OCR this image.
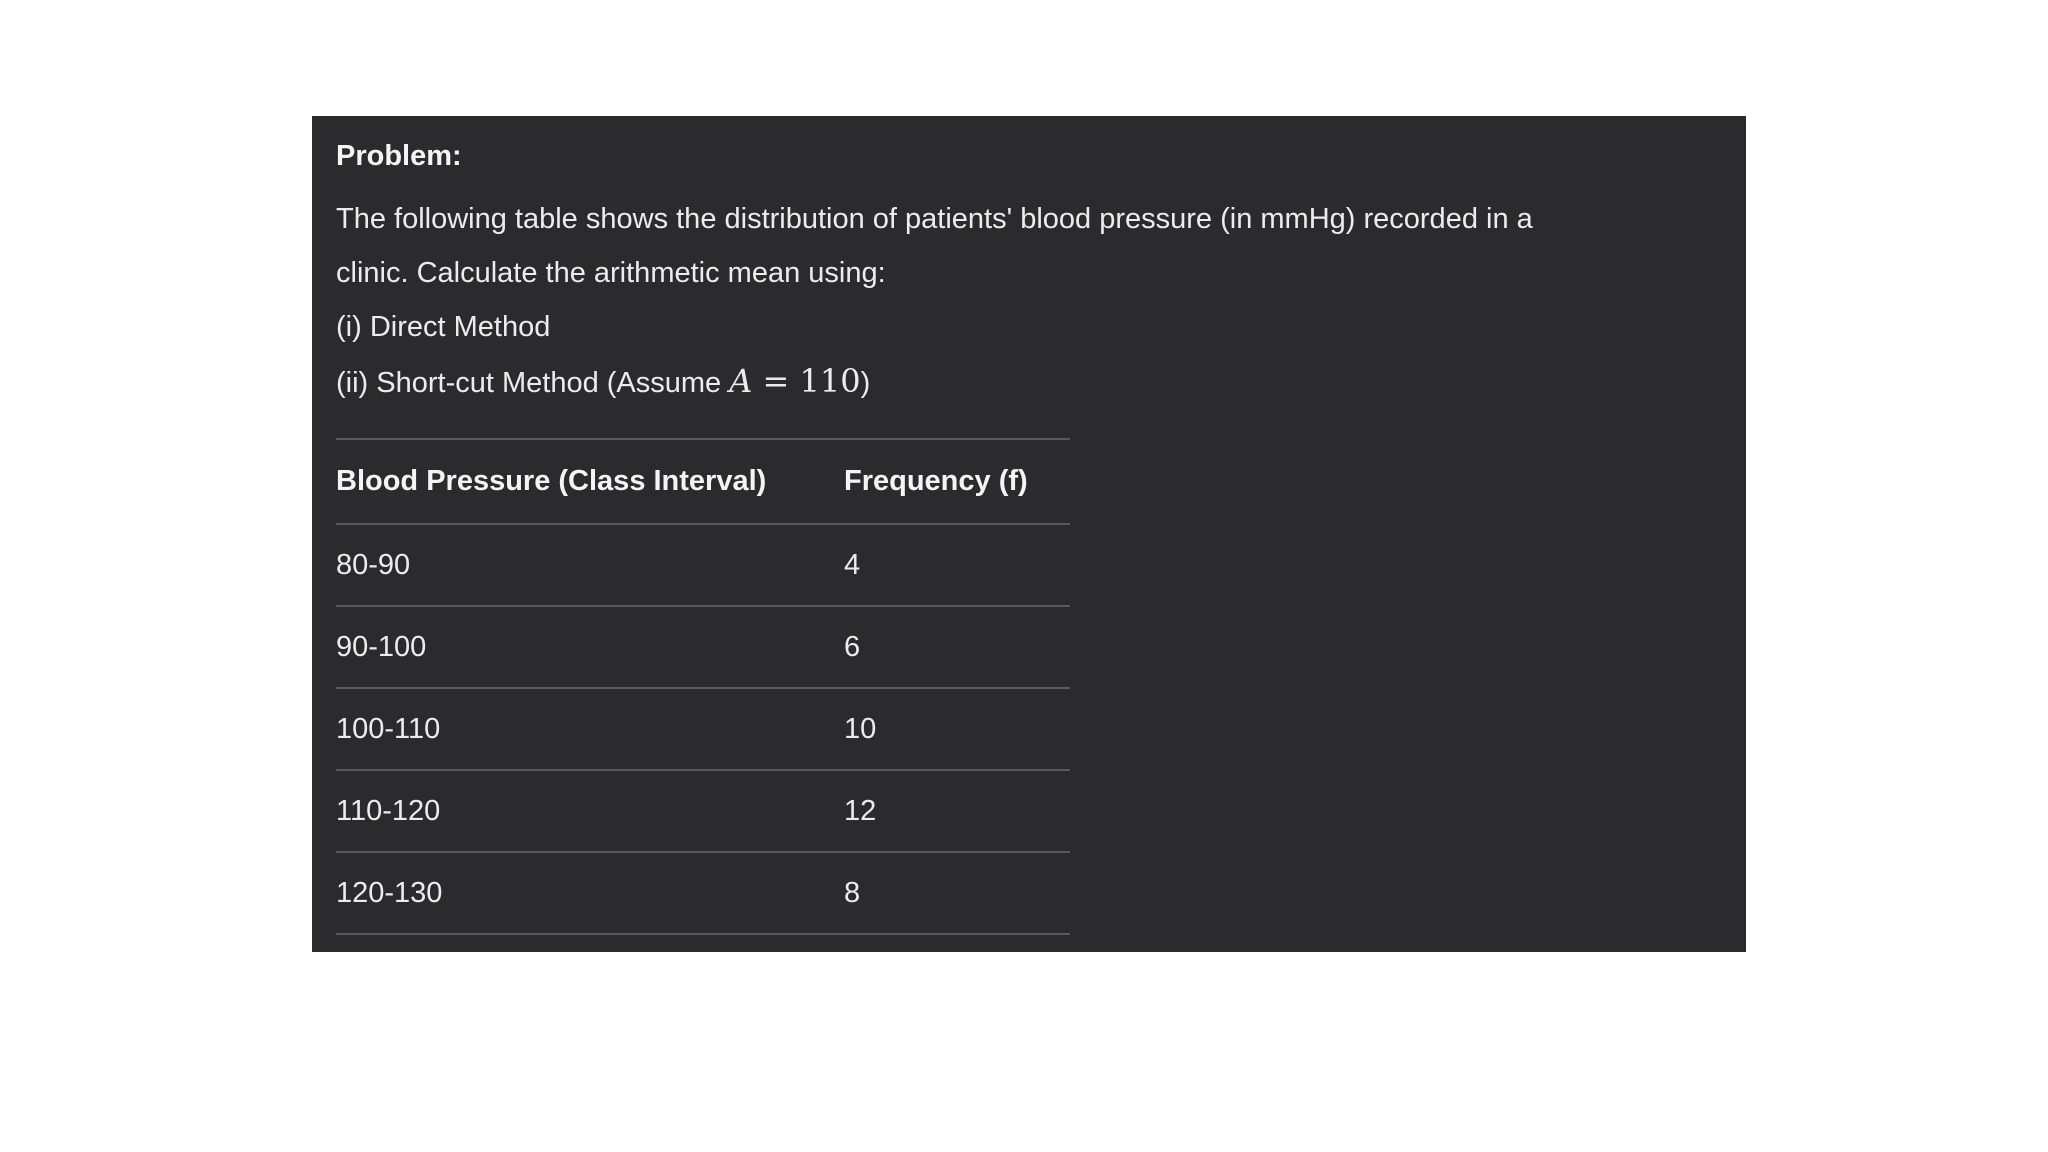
Problem:

The following table shows the distribution of patients' blood pressure (in mmHg) recorded in a

clinic. Calculate the arithmetic mean using:

(i) Direct Method

(ii) Short-cut Method (Assume A = 110)

Blood Pressure (Class Interval)	Frequency (f)
80-90	4
90-100	6
100-110	10
110-120	12
120-130	8
